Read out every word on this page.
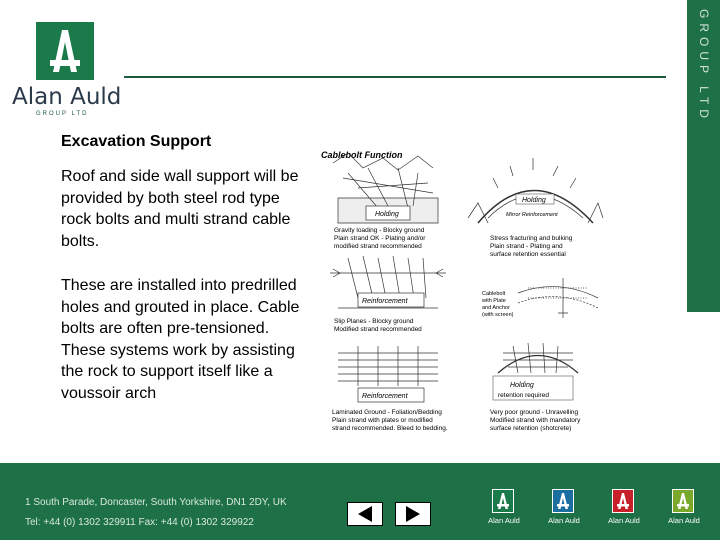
Alan Auld
GROUP LTD	GROUP LTD
Excavation Support

Roof and side wall support will be provided by both steel rod type rock bolts and multi strand cable bolts.

These are installed into predrilled holes and grouted in place. Cable bolts are often pre-tensioned. These systems work by assisting the rock to support itself like a voussoir arch

Cablebolt Function
Holding
Gravity loading - Blocky ground
Plain strand OK - Plating and/or
modified strand recommended
Holding
Mirror Reinforcement
Stress fracturing and bulking
Plain strand - Plating and
surface retention essential
Reinforcement
Slip Planes - Blocky ground
Modified strand recommended
Cablebolt
with Plate
and Anchor
(with screen)
Reinforcement
Laminated Ground - Foliation/Bedding
Plain strand with plates or modified
strand recommended. Bleed to bedding.
Holding
retention required
Very poor ground - Unravelling
Modified strand with mandatory
surface retention (shotcrete)
1 South Parade, Doncaster, South Yorkshire, DN1 2DY, UK
Tel: +44 (0) 1302 329911 Fax: +44 (0) 1302 329922	Alan Auld	Alan Auld	Alan Auld	Alan Auld
